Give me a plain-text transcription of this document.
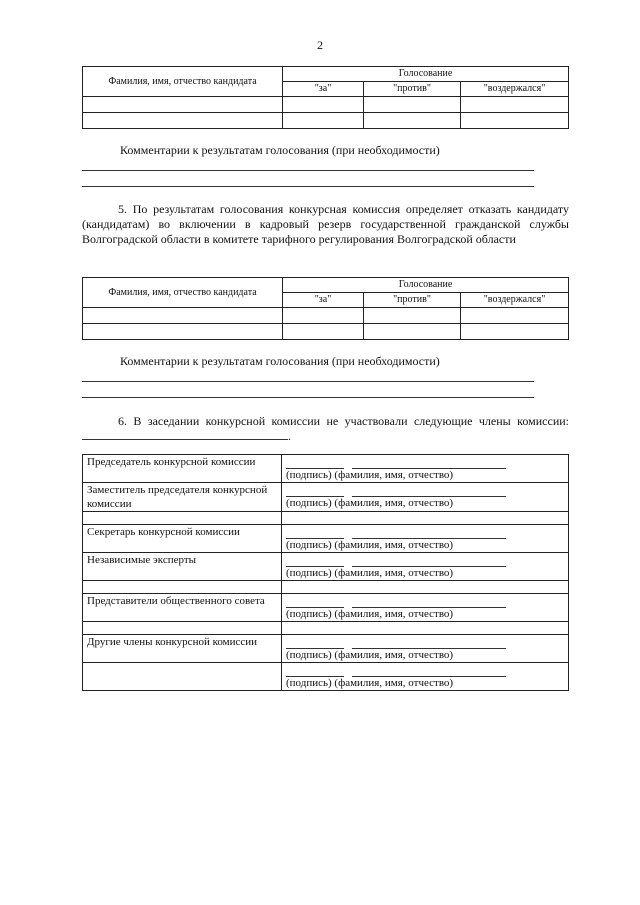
2
Фамилия, имя, отчество кандидата	Голосование		
	"за"	"против"	"воздержался"

Комментарии к результатам голосования (при необходимости)
5. По результатам голосования конкурсная комиссия определяет отказать кандидату (кандидатам) во включении в кадровый резерв государственной гражданской службы Волгоградской области в комитете тарифного регулирования Волгоградской области
Фамилия, имя, отчество кандидата	Голосование		
	"за"	"против"	"воздержался"

Комментарии к результатам голосования (при необходимости)
6. В заседании конкурсной комиссии не участвовали следующие члены комиссии: .
Председатель конкурсной комиссии	(подпись) (фамилия, имя, отчество)

Заместитель председателя конкурсной комиссии	(подпись) (фамилия, имя, отчество)

Секретарь конкурсной комиссии	(подпись) (фамилия, имя, отчество)

Независимые эксперты	(подпись) (фамилия, имя, отчество)

Представители общественного совета	(подпись) (фамилия, имя, отчество)

Другие члены конкурсной комиссии	(подпись) (фамилия, имя, отчество)

	(подпись) (фамилия, имя, отчество)
